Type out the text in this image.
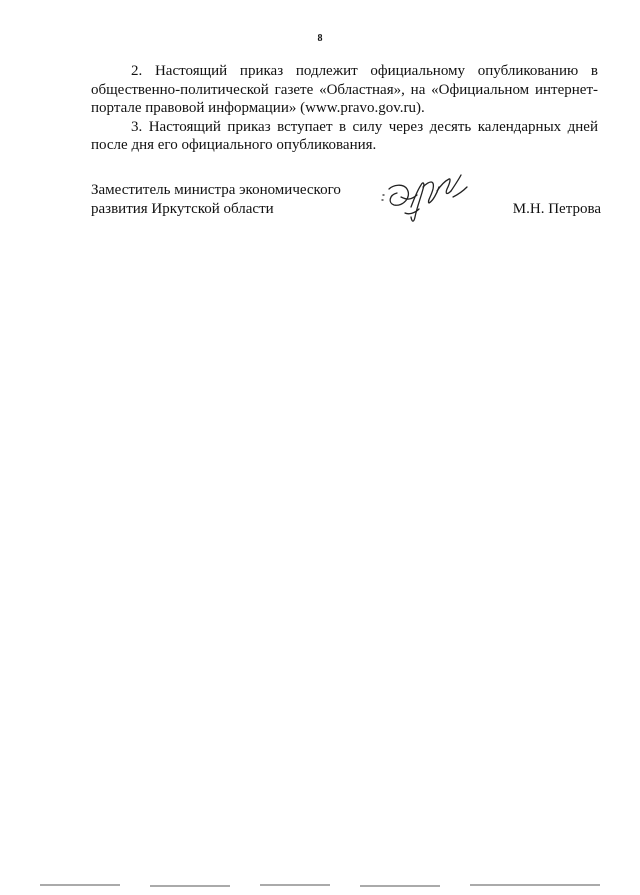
8

2. Настоящий приказ подлежит официальному опубликованию в общественно-политической газете «Областная», на «Официальном интернет-портале правовой информации» (www.pravo.gov.ru).

3. Настоящий приказ вступает в силу через десять календарных дней после дня его официального опубликования.

Заместитель министра экономического
развития Иркутской области	М.Н. Петрова
